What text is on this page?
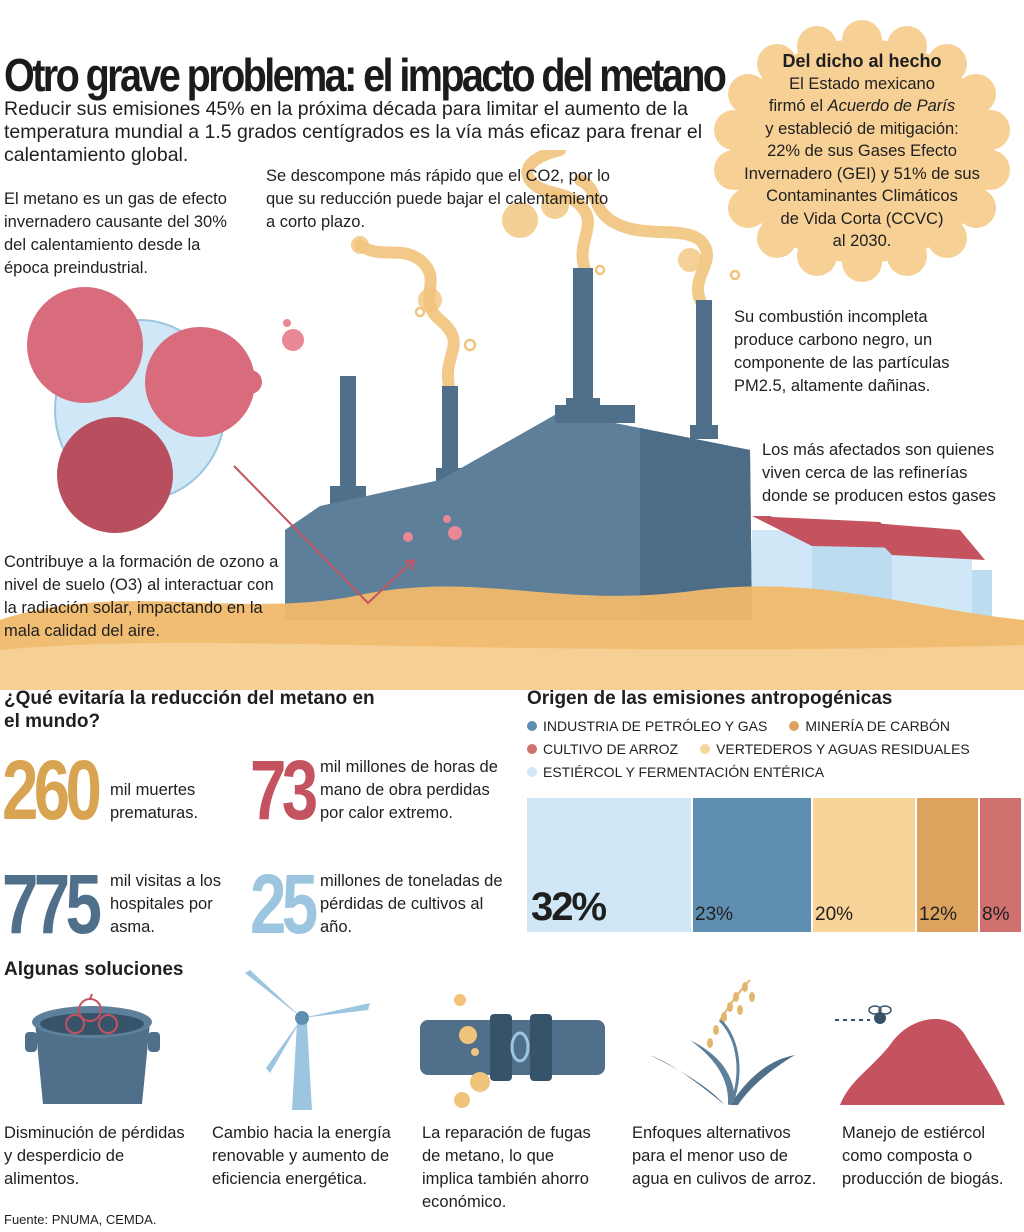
Otro grave problema: el impacto del metano
Reducir sus emisiones 45% en la próxima década para limitar el aumento de la temperatura mundial a 1.5 grados centígrados es la vía más eficaz para frenar el calentamiento global.
Del dicho al hecho
El Estado mexicano
firmó el Acuerdo de París
y estableció de mitigación:
22% de sus Gases Efecto
Invernadero (GEI) y 51% de sus
Contaminantes Climáticos
de Vida Corta (CCVC)
al 2030.
El metano es un gas de efecto invernadero causante del 30% del calentamiento desde la época preindustrial.
Se descompone más rápido que el CO2, por lo que su reducción puede bajar el calentamiento a corto plazo.
Su combustión incompleta produce carbono negro, un componente de las partículas PM2.5, altamente dañinas.
Los más afectados son quienes viven cerca de las refinerías donde se producen estos gases
Contribuye a la formación de ozono a nivel de suelo (O3) al interactuar con la radiación solar, impactando en la mala calidad del aire.
¿Qué evitaría la reducción del metano en el mundo?
260 mil muertes prematuras. 73 mil millones de horas de mano de obra perdidas por calor extremo.
775 mil visitas a los hospitales por asma.	25 millones de toneladas de pérdidas de cultivos al año.
Origen de las emisiones antropogénicas
INDUSTRIA DE PETRÓLEO Y GAS	MINERÍA DE CARBÓN
CULTIVO DE ARROZ	VERTEDEROS Y AGUAS RESIDUALES
ESTIÉRCOL Y FERMENTACIÓN ENTÉRICA
32%	23%	20%	12% 8%
Algunas soluciones
Disminución de pérdidas y desperdicio de alimentos.
Cambio hacia la energía renovable y aumento de eficiencia energética.
La reparación de fugas de metano, lo que implica también ahorro económico.
Enfoques alternativos para el menor uso de agua en culivos de arroz.
Manejo de estiércol como composta o producción de biogás.
Fuente: PNUMA, CEMDA.
